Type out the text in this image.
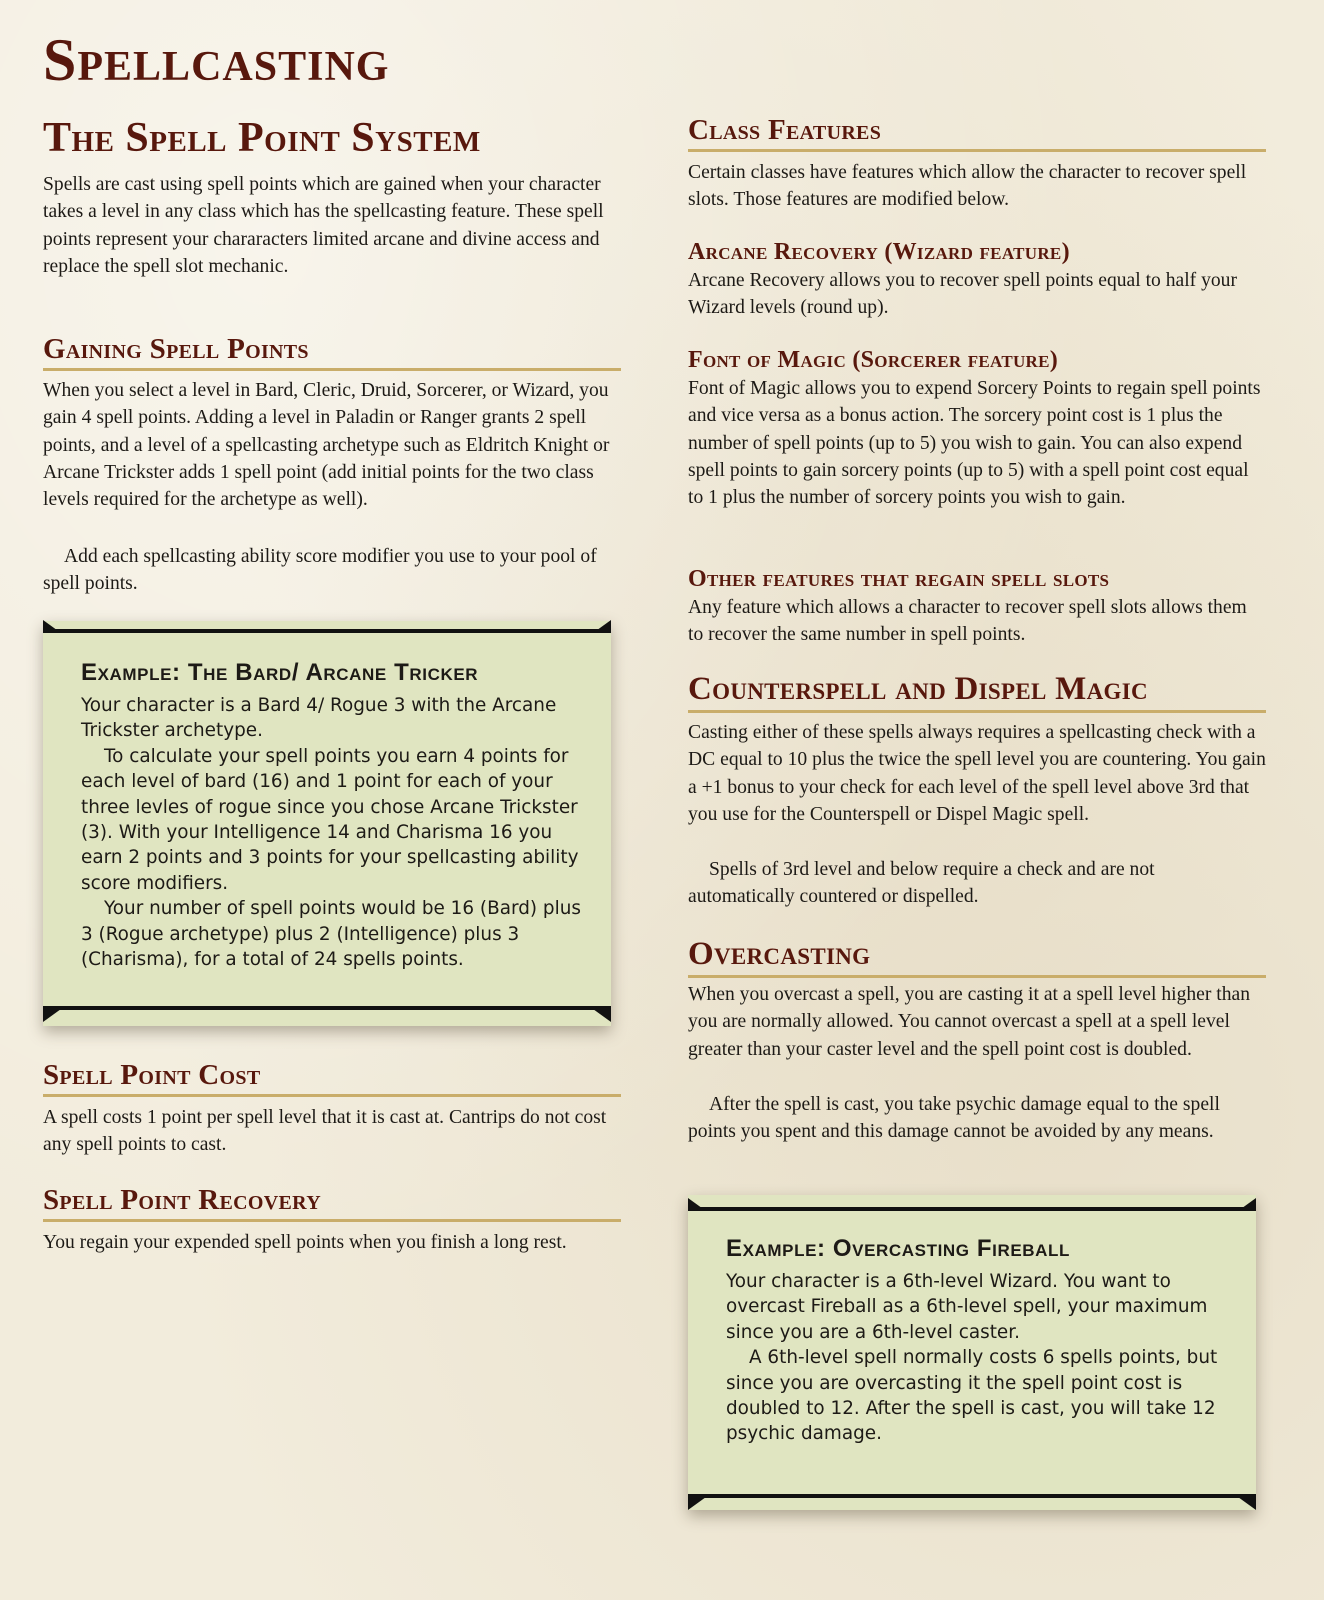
Spellcasting
The Spell Point System

Spells are cast using spell points which are gained when your character takes a level in any class which has the spellcasting feature. These spell points represent your chararacters limited arcane and divine access and replace the spell slot mechanic.

Gaining Spell Points

When you select a level in Bard, Cleric, Druid, Sorcerer, or Wizard, you gain 4 spell points. Adding a level in Paladin or Ranger grants 2 spell points, and a level of a spellcasting archetype such as Eldritch Knight or Arcane Trickster adds 1 spell point (add initial points for the two class levels required for the archetype as well).

Add each spellcasting ability score modifier you use to your pool of spell points.

Example: The Bard/ Arcane Tricker
Your character is a Bard 4/ Rogue 3 with the Arcane Trickster archetype.
To calculate your spell points you earn 4 points for each level of bard (16) and 1 point for each of your three levles of rogue since you chose Arcane Trickster (3). With your Intelligence 14 and Charisma 16 you earn 2 points and 3 points for your spellcasting ability score modifiers.
Your number of spell points would be 16 (Bard) plus 3 (Rogue archetype) plus 2 (Intelligence) plus 3 (Charisma), for a total of 24 spells points.
Spell Point Cost

A spell costs 1 point per spell level that it is cast at. Cantrips do not cost any spell points to cast.

Spell Point Recovery

You regain your expended spell points when you finish a long rest.

Class Features

Certain classes have features which allow the character to recover spell slots. Those features are modified below.

Arcane Recovery (Wizard feature)

Arcane Recovery allows you to recover spell points equal to half your Wizard levels (round up).

Font of Magic (Sorcerer feature)

Font of Magic allows you to expend Sorcery Points to regain spell points and vice versa as a bonus action. The sorcery point cost is 1 plus the number of spell points (up to 5) you wish to gain. You can also expend spell points to gain sorcery points (up to 5) with a spell point cost equal to 1 plus the number of sorcery points you wish to gain.

Other features that regain spell slots

Any feature which allows a character to recover spell slots allows them to recover the same number in spell points.

Counterspell and Dispel Magic

Casting either of these spells always requires a spellcasting check with a DC equal to 10 plus the twice the spell level you are countering. You gain a +1 bonus to your check for each level of the spell level above 3rd that you use for the Counterspell or Dispel Magic spell.

Spells of 3rd level and below require a check and are not automatically countered or dispelled.

Overcasting

When you overcast a spell, you are casting it at a spell level higher than you are normally allowed. You cannot overcast a spell at a spell level greater than your caster level and the spell point cost is doubled.

After the spell is cast, you take psychic damage equal to the spell points you spent and this damage cannot be avoided by any means.

Example: Overcasting Fireball
Your character is a 6th-level Wizard. You want to overcast Fireball as a 6th-level spell, your maximum since you are a 6th-level caster.
A 6th-level spell normally costs 6 spells points, but since you are overcasting it the spell point cost is doubled to 12. After the spell is cast, you will take 12 psychic damage.
